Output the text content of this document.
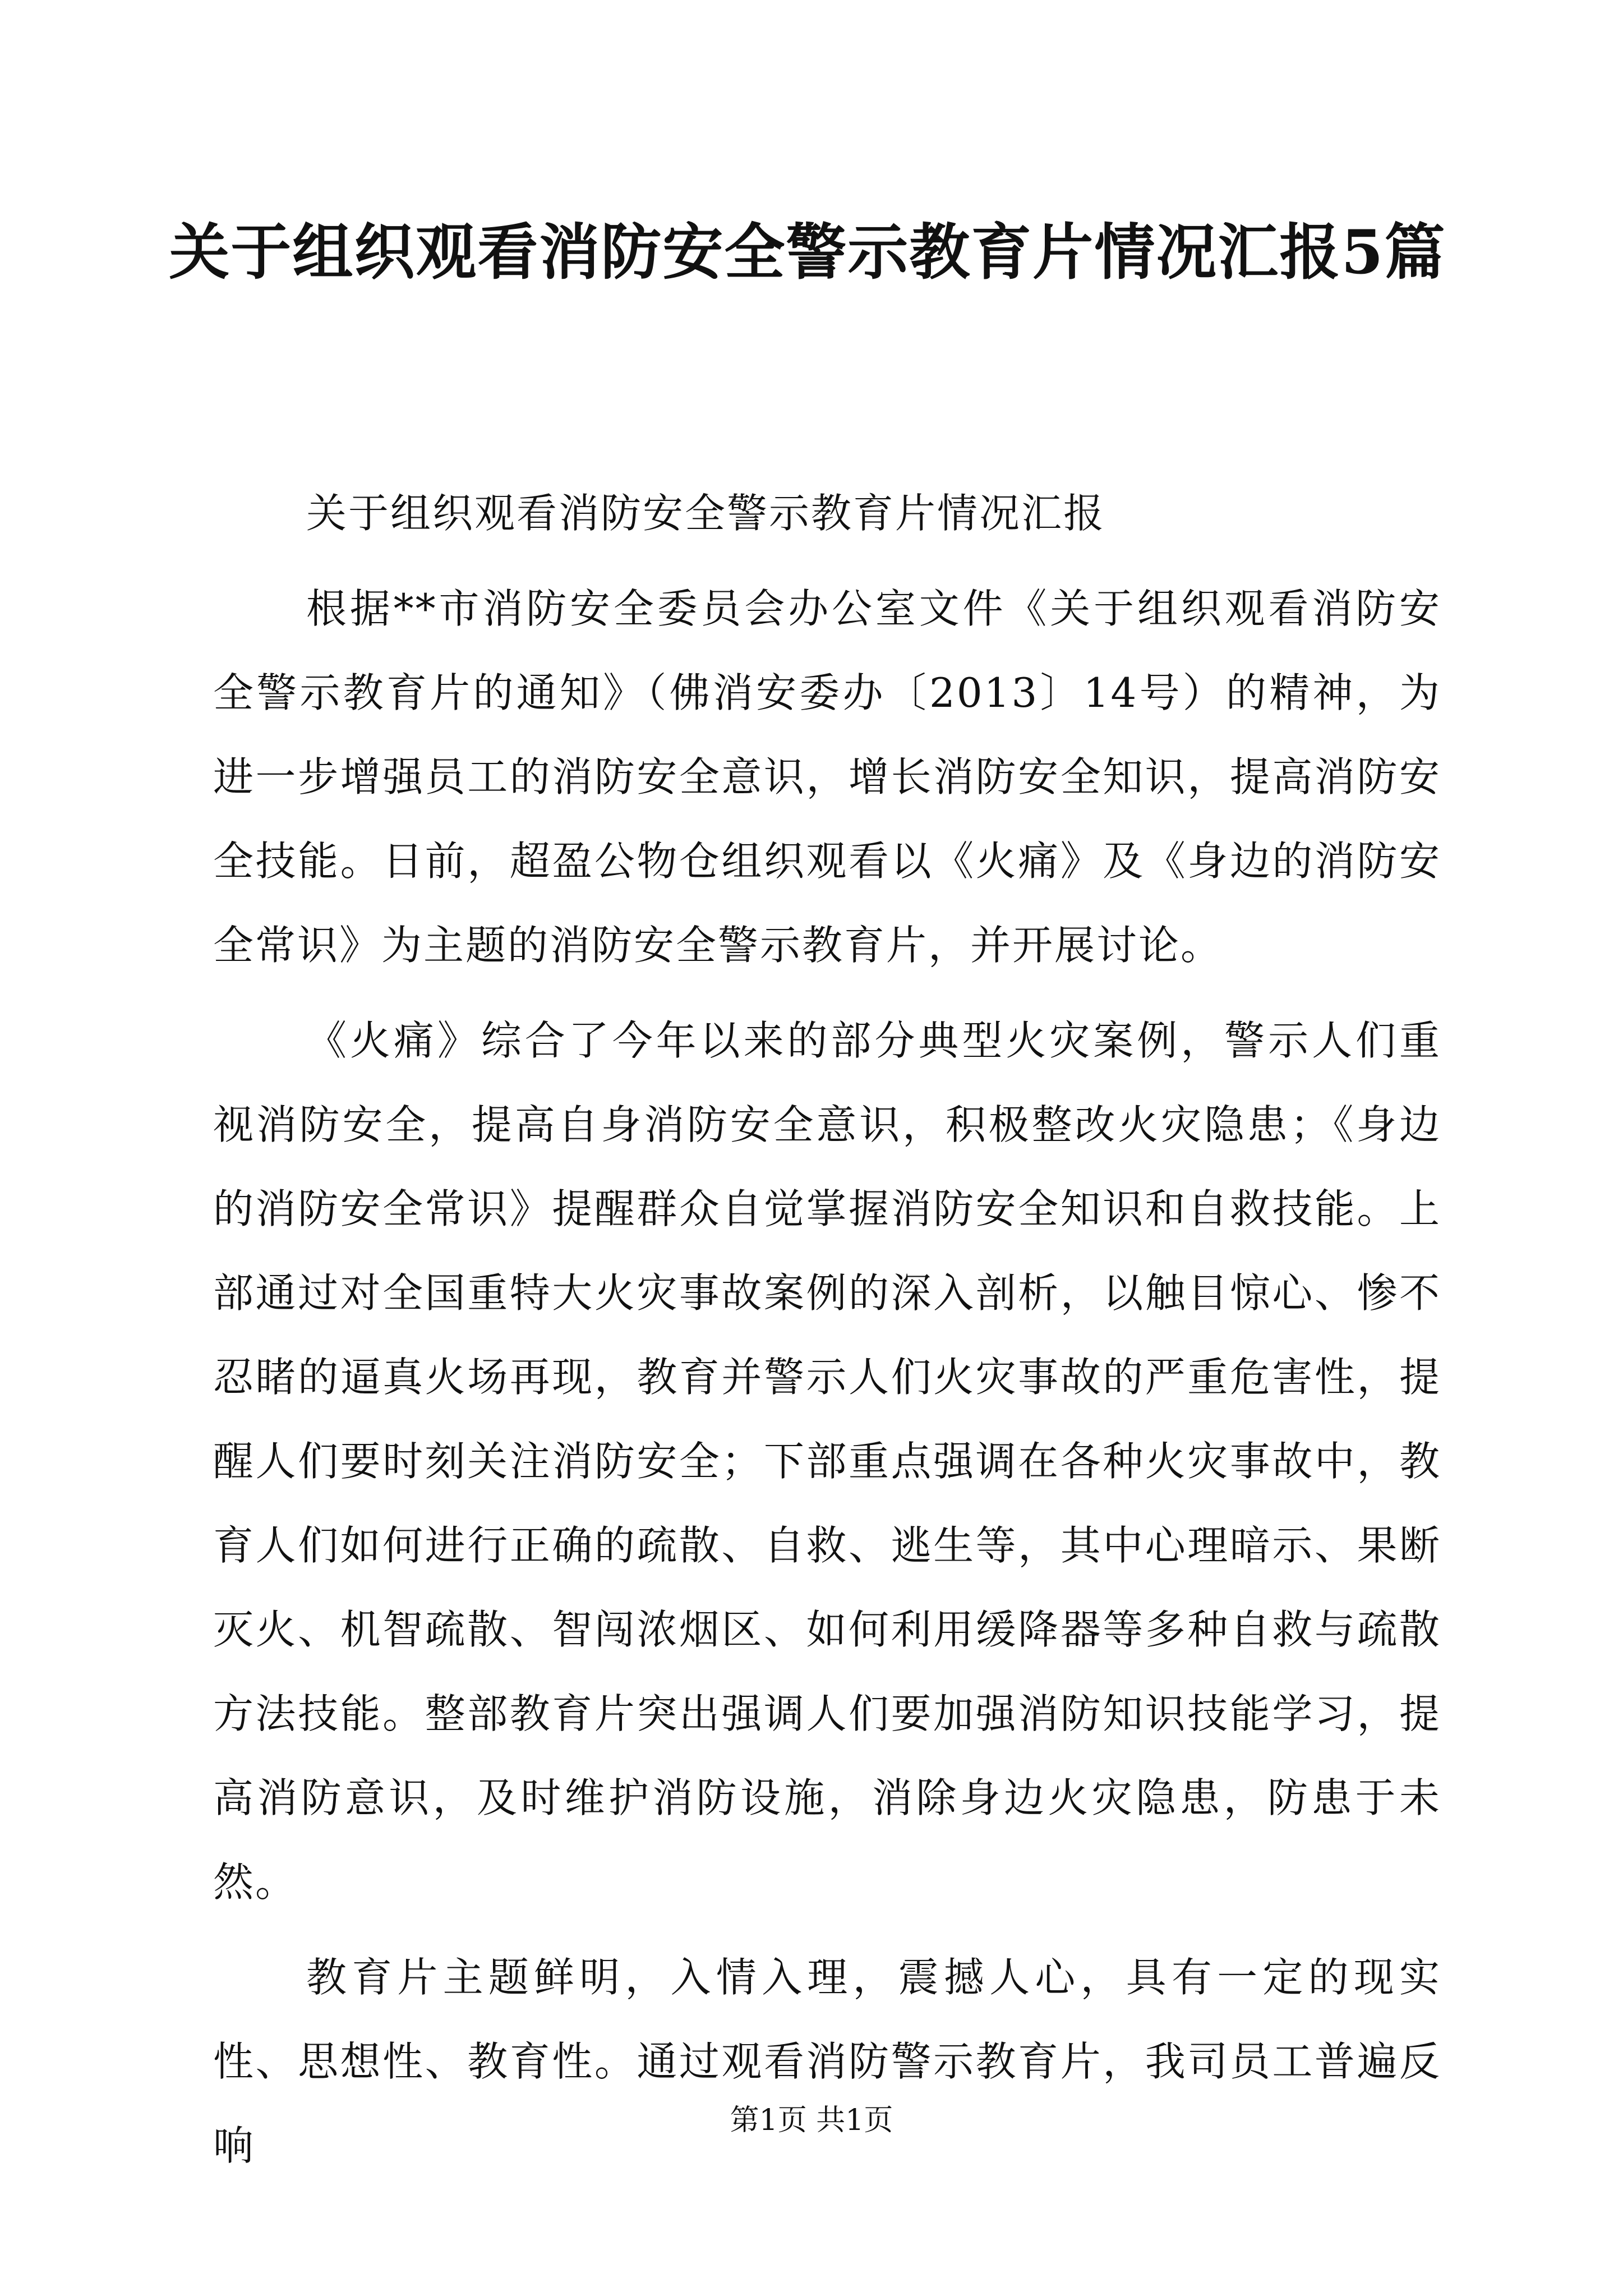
关于组织观看消防安全警示教育片情况汇报5篇

关于组织观看消防安全警示教育片情况汇报

根据**市消防安全委员会办公室文件《关于组织观看消防安全警示教育片的通知》（佛消安委办〔2013〕14号）的精神，为进一步增强员工的消防安全意识，增长消防安全知识，提高消防安全技能。日前，超盈公物仓组织观看以《火痛》及《身边的消防安全常识》为主题的消防安全警示教育片，并开展讨论。

《火痛》综合了今年以来的部分典型火灾案例，警示人们重视消防安全，提高自身消防安全意识，积极整改火灾隐患；《身边的消防安全常识》提醒群众自觉掌握消防安全知识和自救技能。上部通过对全国重特大火灾事故案例的深入剖析，以触目惊心、惨不忍睹的逼真火场再现，教育并警示人们火灾事故的严重危害性，提醒人们要时刻关注消防安全；下部重点强调在各种火灾事故中，教育人们如何进行正确的疏散、自救、逃生等，其中心理暗示、果断灭火、机智疏散、智闯浓烟区、如何利用缓降器等多种自救与疏散方法技能。整部教育片突出强调人们要加强消防知识技能学习，提高消防意识，及时维护消防设施，消除身边火灾隐患，防患于未然。

教育片主题鲜明，入情入理，震撼人心，具有一定的现实性、思想性、教育性。通过观看消防警示教育片，我司员工普遍反响

第1页 共1页
